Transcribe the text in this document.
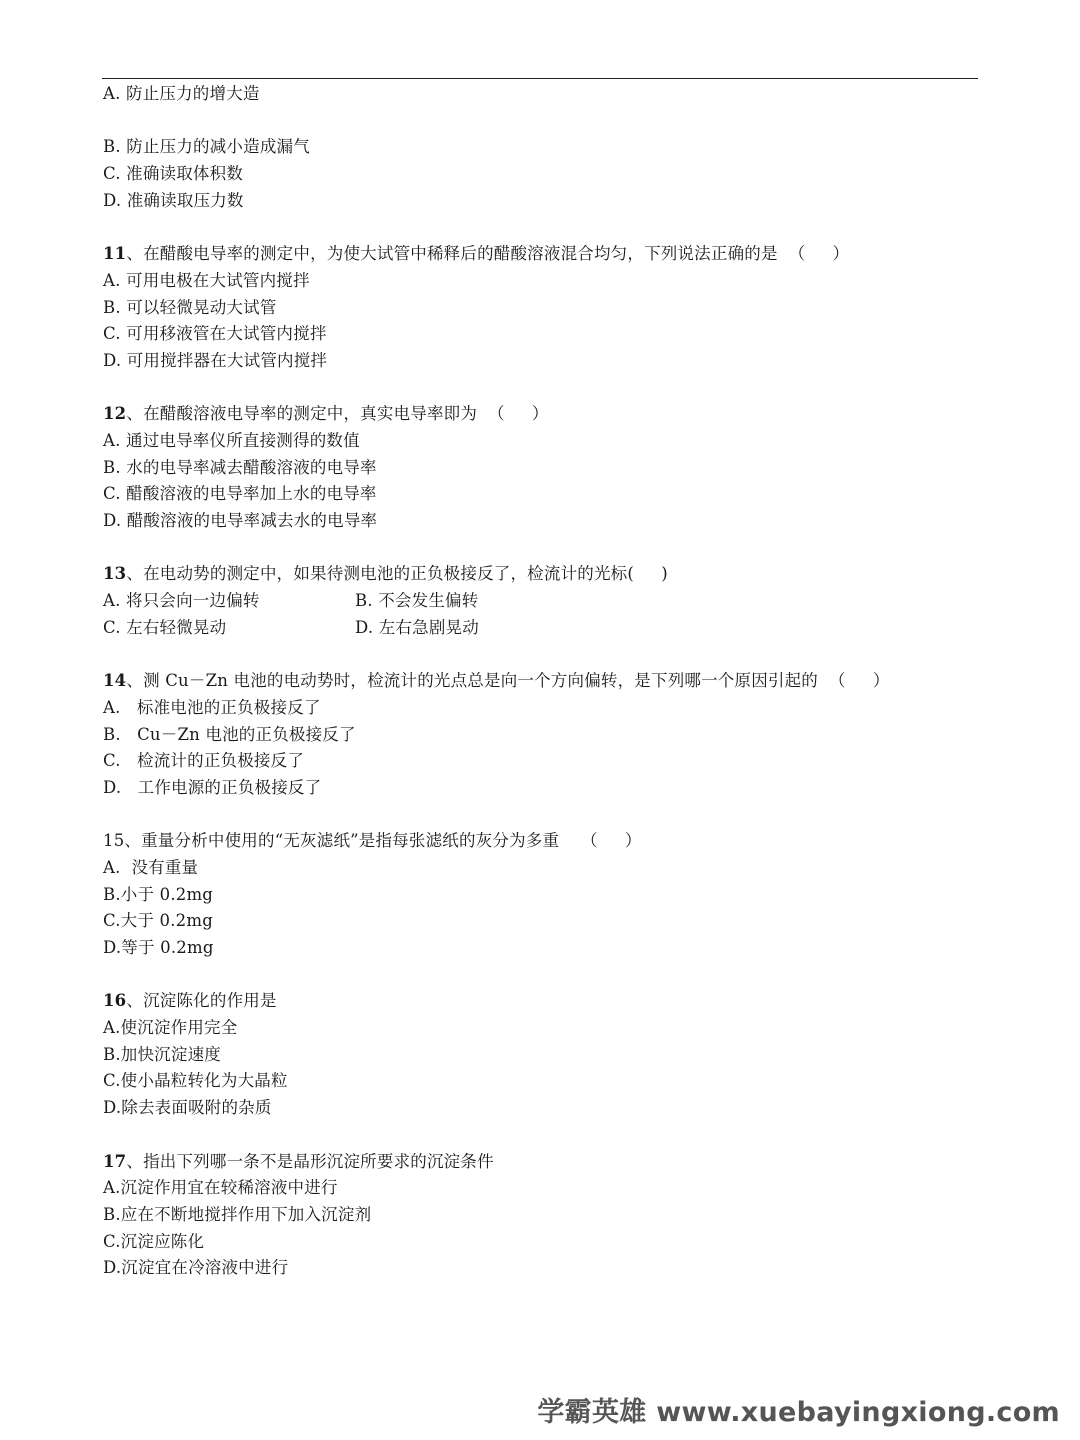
A. 防止压力的增大造
B. 防止压力的减小造成漏气
C. 准确读取体积数
D. 准确读取压力数
11、在醋酸电导率的测定中，为使大试管中稀释后的醋酸溶液混合均匀，下列说法正确的是  （     ）
A. 可用电极在大试管内搅拌
B. 可以轻微晃动大试管
C. 可用移液管在大试管内搅拌
D. 可用搅拌器在大试管内搅拌
12、在醋酸溶液电导率的测定中，真实电导率即为  （     ）
A. 通过电导率仪所直接测得的数值
B. 水的电导率减去醋酸溶液的电导率
C. 醋酸溶液的电导率加上水的电导率
D. 醋酸溶液的电导率减去水的电导率
13、在电动势的测定中，如果待测电池的正负极接反了，检流计的光标(     )
A. 将只会向一边偏转	B. 不会发生偏转
C. 左右轻微晃动	D. 左右急剧晃动
14、测 Cu－Zn 电池的电动势时，检流计的光点总是向一个方向偏转，是下列哪一个原因引起的  （     ）
A.   标准电池的正负极接反了
B.   Cu－Zn 电池的正负极接反了
C.   检流计的正负极接反了
D.   工作电源的正负极接反了
15、重量分析中使用的“无灰滤纸”是指每张滤纸的灰分为多重    （     ）
A.  没有重量
B.小于 0.2mg
C.大于 0.2mg
D.等于 0.2mg
16、沉淀陈化的作用是
A.使沉淀作用完全
B.加快沉淀速度
C.使小晶粒转化为大晶粒
D.除去表面吸附的杂质
17、指出下列哪一条不是晶形沉淀所要求的沉淀条件
A.沉淀作用宜在较稀溶液中进行
B.应在不断地搅拌作用下加入沉淀剂
C.沉淀应陈化
D.沉淀宜在冷溶液中进行
学霸英雄 www.xuebayingxiong.com
